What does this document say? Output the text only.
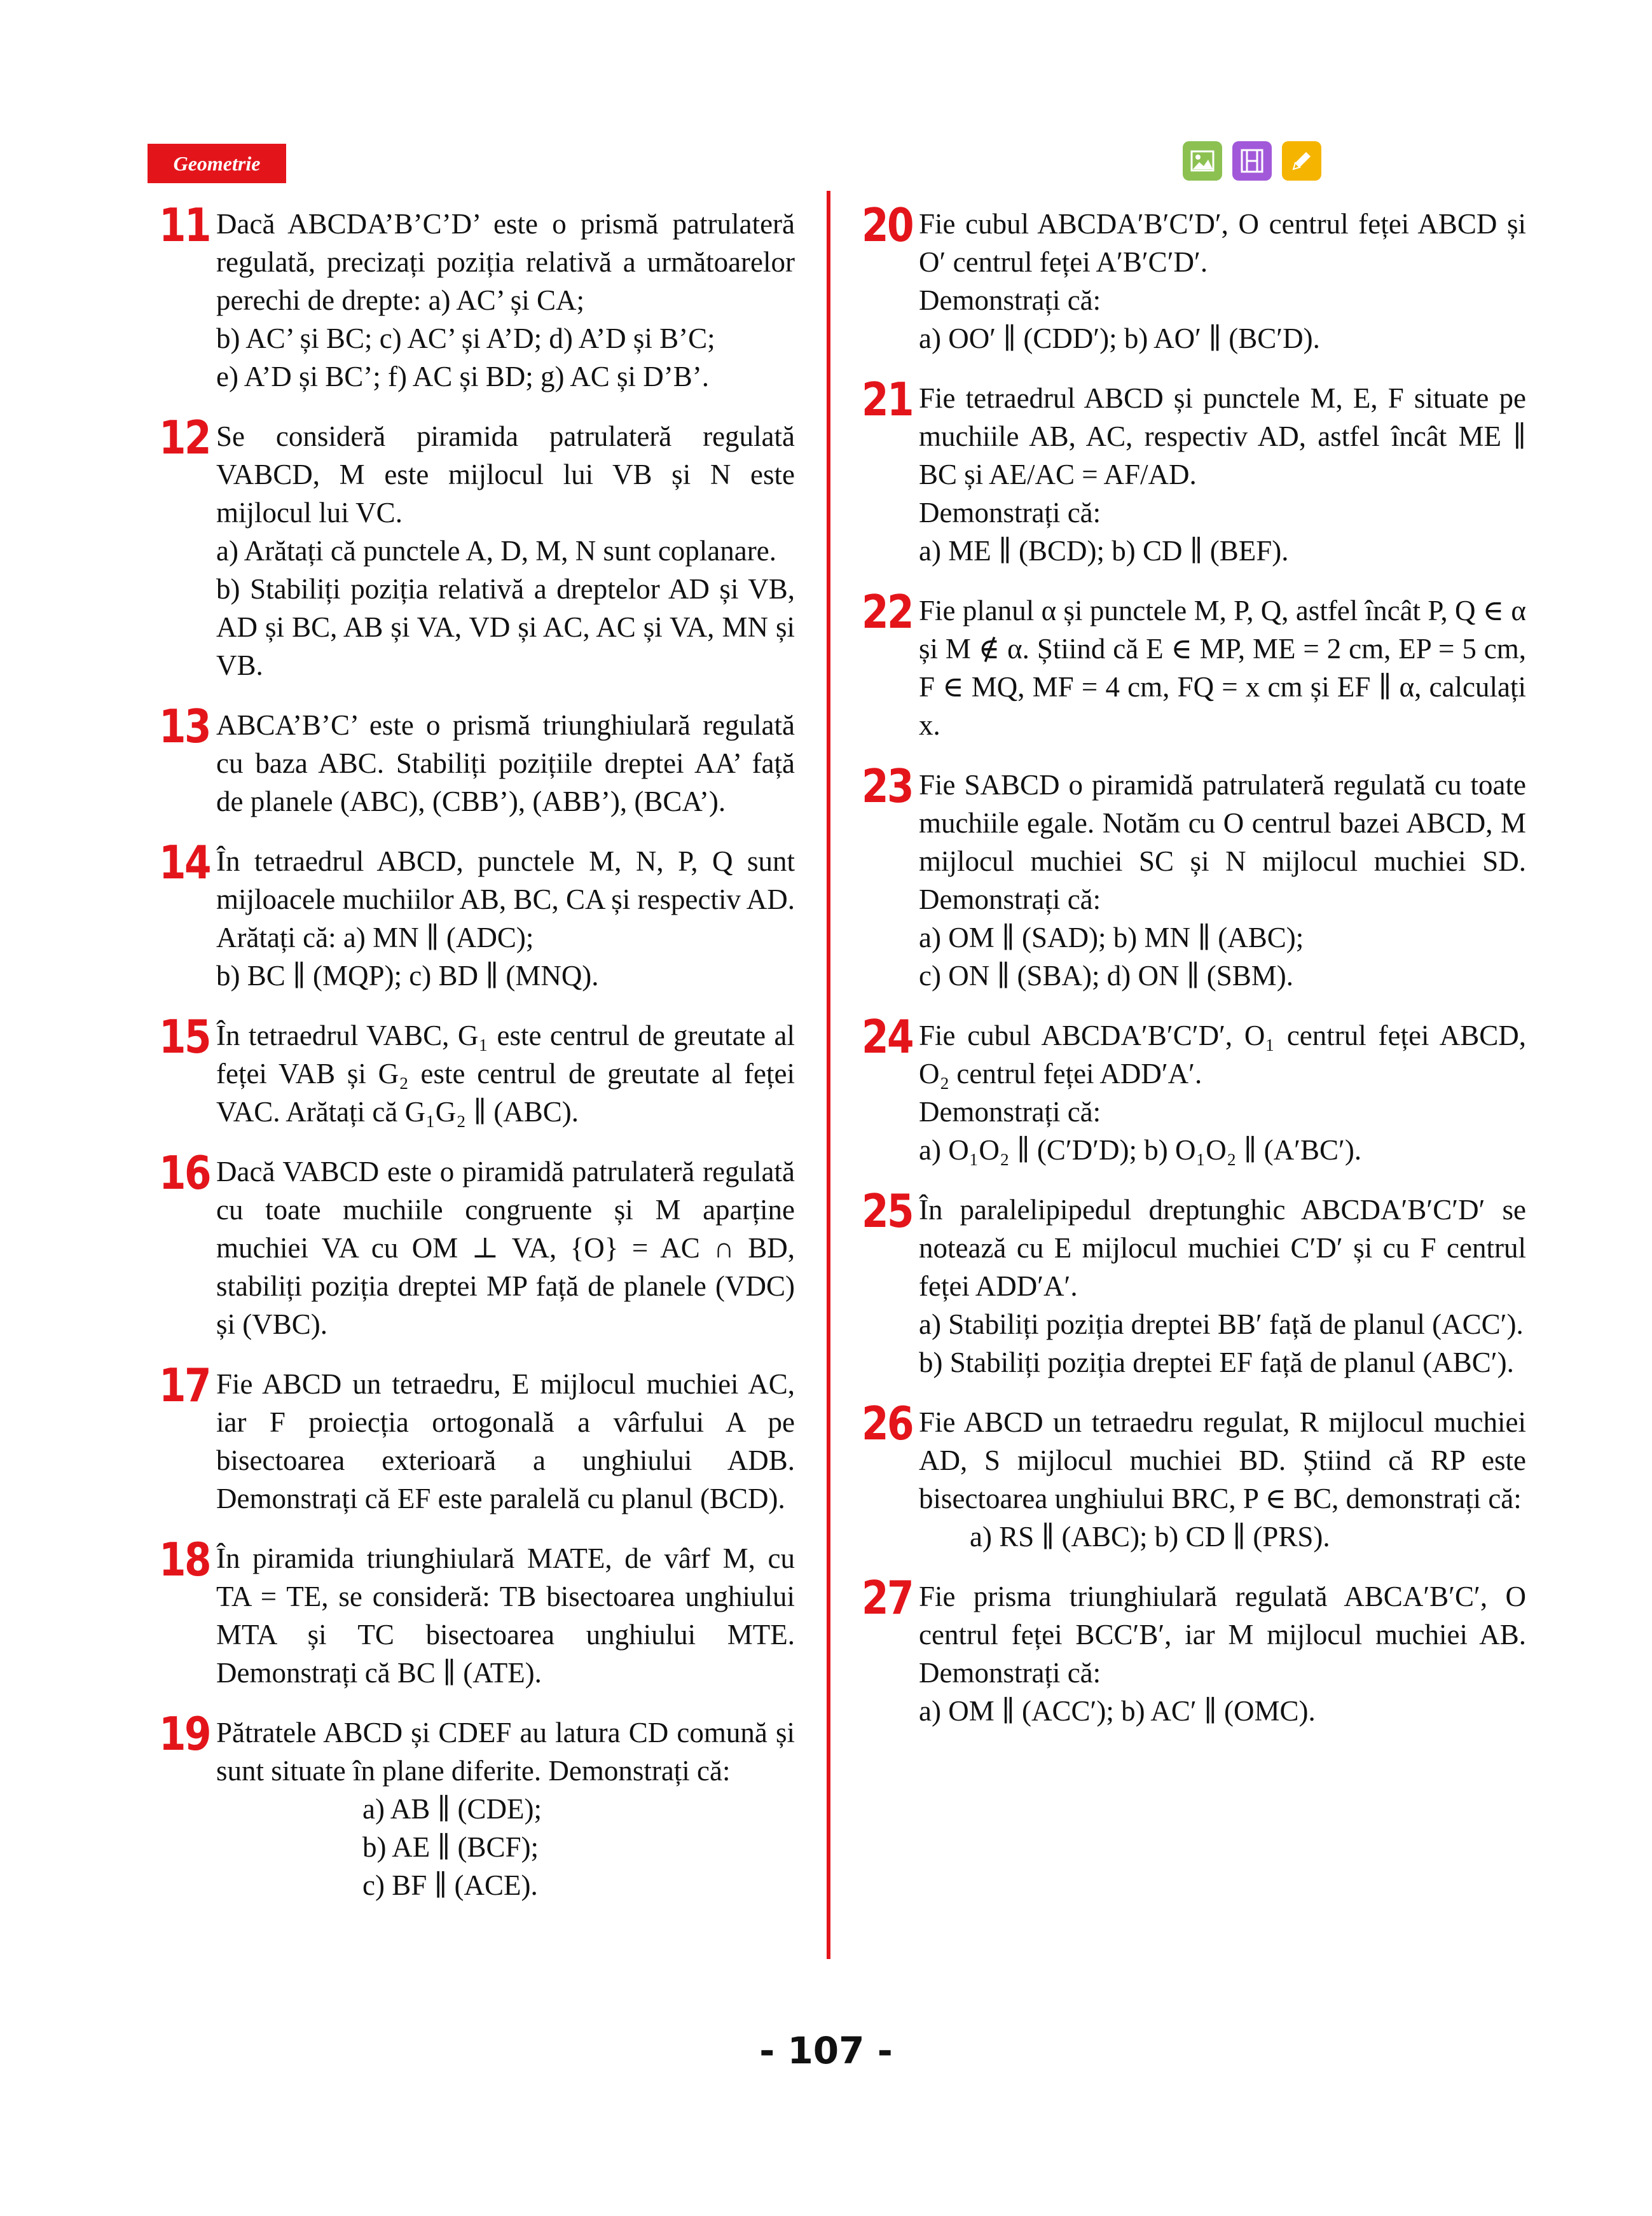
Geometrie
11 Dacă ABCDA’B’C’D’ este o prismă patrulateră regulată, precizați poziția relativă a următoarelor perechi de drepte: a) AC’ și CA;

b) AC’ și BC; c) AC’ și A’D; d) A’D și B’C;

e) A’D și BC’; f) AC și BD; g) AC și D’B’.

12 Se consideră piramida patrulateră regulată VABCD, M este mijlocul lui VB și N este mijlocul lui VC.

a) Arătați că punctele A, D, M, N sunt coplanare.

b) Stabiliți poziția relativă a dreptelor AD și VB, AD și BC, AB și VA, VD și AC, AC și VA, MN și VB.

13 ABCA’B’C’ este o prismă triunghiulară regulată cu baza ABC. Stabiliți pozițiile dreptei AA’ față de planele (ABC), (CBB’), (ABB’), (BCA’).

14 În tetraedrul ABCD, punctele M, N, P, Q sunt mijloacele muchiilor AB, BC, CA și respectiv AD. Arătați că: a) MN ∥ (ADC);

b) BC ∥ (MQP); c) BD ∥ (MNQ).

15 În tetraedrul VABC, G₁ este centrul de greutate al feței VAB și G₂ este centrul de greutate al feței VAC. Arătați că G₁G₂ ∥ (ABC).

16 Dacă VABCD este o piramidă patrulateră regulată cu toate muchiile congruente și M aparține muchiei VA cu OM ⊥ VA, {O} = AC ∩ BD, stabiliți poziția dreptei MP față de planele (VDC) și (VBC).

17 Fie ABCD un tetraedru, E mijlocul muchiei AC, iar F proiecția ortogonală a vârfului A pe bisectoarea exterioară a unghiului ADB. Demonstrați că EF este paralelă cu planul (BCD).

18 În piramida triunghiulară MATE, de vârf M, cu TA = TE, se consideră: TB bisectoarea unghiului MTA și TC bisectoarea unghiului MTE. Demonstrați că BC ∥ (ATE).

19 Pătratele ABCD și CDEF au latura CD comună și sunt situate în plane diferite. Demonstrați că:

a) AB ∥ (CDE);

b) AE ∥ (BCF);

c) BF ∥ (ACE).

20 Fie cubul ABCDA′B′C′D′, O centrul feței ABCD și O′ centrul feței A′B′C′D′.

Demonstrați că:

a) OO′ ∥ (CDD′); b) AO′ ∥ (BC′D).

21 Fie tetraedrul ABCD și punctele M, E, F situate pe muchiile AB, AC, respectiv AD, astfel încât ME ∥ BC și AE/AC = AF/AD.

Demonstrați că:

a) ME ∥ (BCD); b) CD ∥ (BEF).

22 Fie planul α și punctele M, P, Q, astfel încât P, Q ∈ α și M ∉ α. Știind că E ∈ MP, ME = 2 cm, EP = 5 cm, F ∈ MQ, MF = 4 cm, FQ = x cm și EF ∥ α, calculați x.

23 Fie SABCD o piramidă patrulateră regulată cu toate muchiile egale. Notăm cu O centrul bazei ABCD, M mijlocul muchiei SC și N mijlocul muchiei SD. Demonstrați că:

a) OM ∥ (SAD); b) MN ∥ (ABC);

c) ON ∥ (SBA); d) ON ∥ (SBM).

24 Fie cubul ABCDA′B′C′D′, O₁ centrul feței ABCD, O₂ centrul feței ADD′A′.

Demonstrați că:

a) O₁O₂ ∥ (C′D′D); b) O₁O₂ ∥ (A′BC′).

25 În paralelipipedul dreptunghic ABCDA′B′C′D′ se notează cu E mijlocul muchiei C′D′ și cu F centrul feței ADD′A′.

a) Stabiliți poziția dreptei BB′ față de planul (ACC′).

b) Stabiliți poziția dreptei EF față de planul (ABC′).

26 Fie ABCD un tetraedru regulat, R mijlocul muchiei AD, S mijlocul muchiei BD. Știind că RP este bisectoarea unghiului BRC, P ∈ BC, demonstrați că:

a) RS ∥ (ABC); b) CD ∥ (PRS).

27 Fie prisma triunghiulară regulată ABCA′B′C′, O centrul feței BCC′B′, iar M mijlocul muchiei AB. Demonstrați că:

a) OM ∥ (ACC′); b) AC′ ∥ (OMC).

- 107 -
